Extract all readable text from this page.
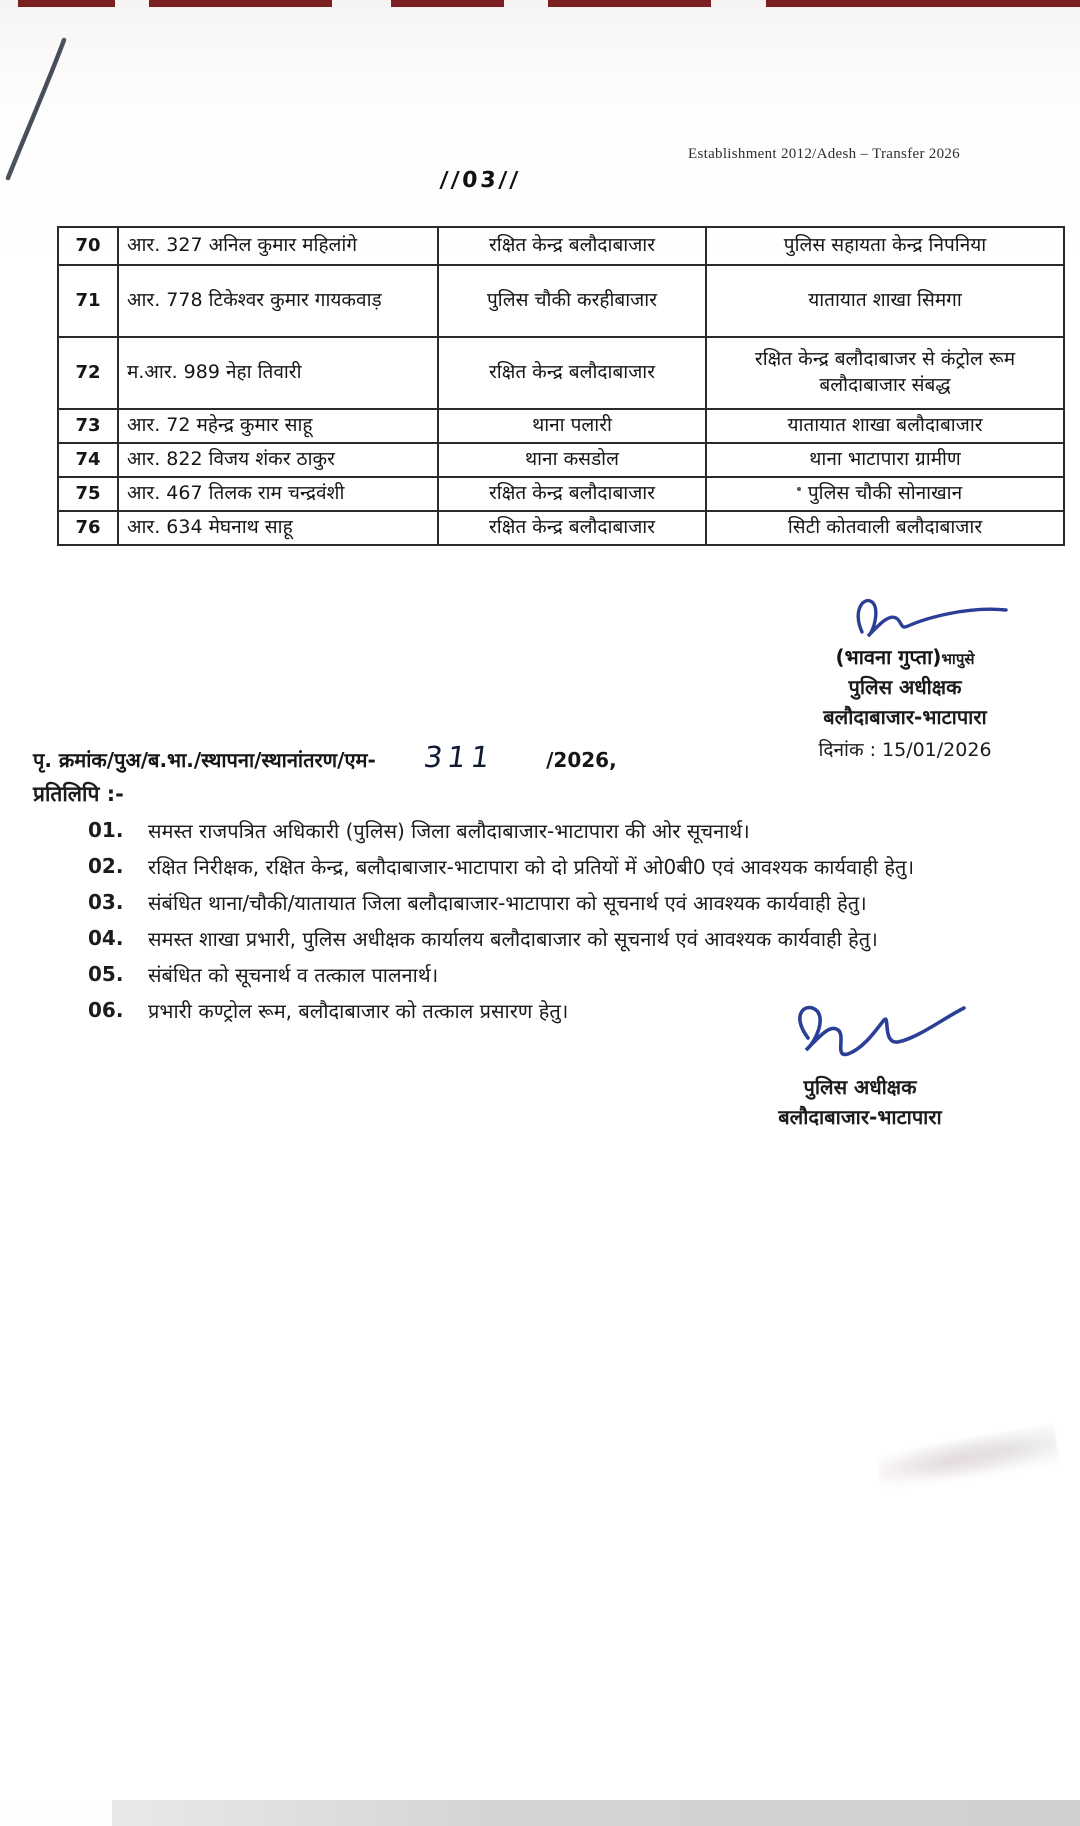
Establishment 2012/Adesh – Transfer 2026
//03//
70	आर. 327 अनिल कुमार महिलांगे	रक्षित केन्द्र बलौदाबाजार	पुलिस सहायता केन्द्र निपनिया
71	आर. 778 टिकेश्वर कुमार गायकवाड़	पुलिस चौकी करहीबाजार	यातायात शाखा सिमगा
72	म.आर. 989 नेहा तिवारी	रक्षित केन्द्र बलौदाबाजार	रक्षित केन्द्र बलौदाबाजर से कंट्रोल रूम बलौदाबाजार संबद्ध
73	आर. 72 महेन्द्र कुमार साहू	थाना पलारी	यातायात शाखा बलौदाबाजार
74	आर. 822 विजय शंकर ठाकुर	थाना कसडोल	थाना भाटापारा ग्रामीण
75	आर. 467 तिलक राम चन्द्रवंशी	रक्षित केन्द्र बलौदाबाजार	पुलिस चौकी सोनाखान
76	आर. 634 मेघनाथ साहू	रक्षित केन्द्र बलौदाबाजार	सिटी कोतवाली बलौदाबाजार
(भावना गुप्ता)भापुसे
पुलिस अधीक्षक
बलौदाबाजार-भाटापारा
दिनांक : 15/01/2026
पृ. क्रमांक/पुअ/ब.भा./स्थापना/स्थानांतरण/एम- 311 /2026,
प्रतिलिपि :-
01.	समस्त राजपत्रित अधिकारी (पुलिस) जिला बलौदाबाजार-भाटापारा की ओर सूचनार्थ।
02.	रक्षित निरीक्षक, रक्षित केन्द्र, बलौदाबाजार-भाटापारा को दो प्रतियों में ओ0बी0 एवं आवश्यक कार्यवाही हेतु।
03.	संबंधित थाना/चौकी/यातायात जिला बलौदाबाजार-भाटापारा को सूचनार्थ एवं आवश्यक कार्यवाही हेतु।
04.	समस्त शाखा प्रभारी, पुलिस अधीक्षक कार्यालय बलौदाबाजार को सूचनार्थ एवं आवश्यक कार्यवाही हेतु।
05.	संबंधित को सूचनार्थ व तत्काल पालनार्थ।
06.	प्रभारी कण्ट्रोल रूम, बलौदाबाजार को तत्काल प्रसारण हेतु।
पुलिस अधीक्षक
बलौदाबाजार-भाटापारा
